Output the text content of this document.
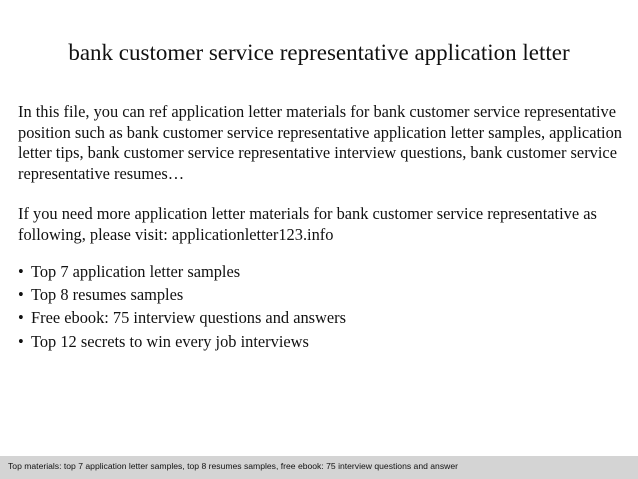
bank customer service representative application letter

In this file, you can ref application letter materials for bank customer service representative position such as bank customer service representative application letter samples, application letter tips, bank customer service representative interview questions, bank customer service representative resumes…

If you need more application letter materials for bank customer service representative as following, please visit: applicationletter123.info

• Top 7 application letter samples
• Top 8 resumes samples
• Free ebook: 75 interview questions and answers
• Top 12 secrets to win every job interviews
Top materials: top 7 application letter samples, top 8 resumes samples, free ebook: 75 interview questions and answer
